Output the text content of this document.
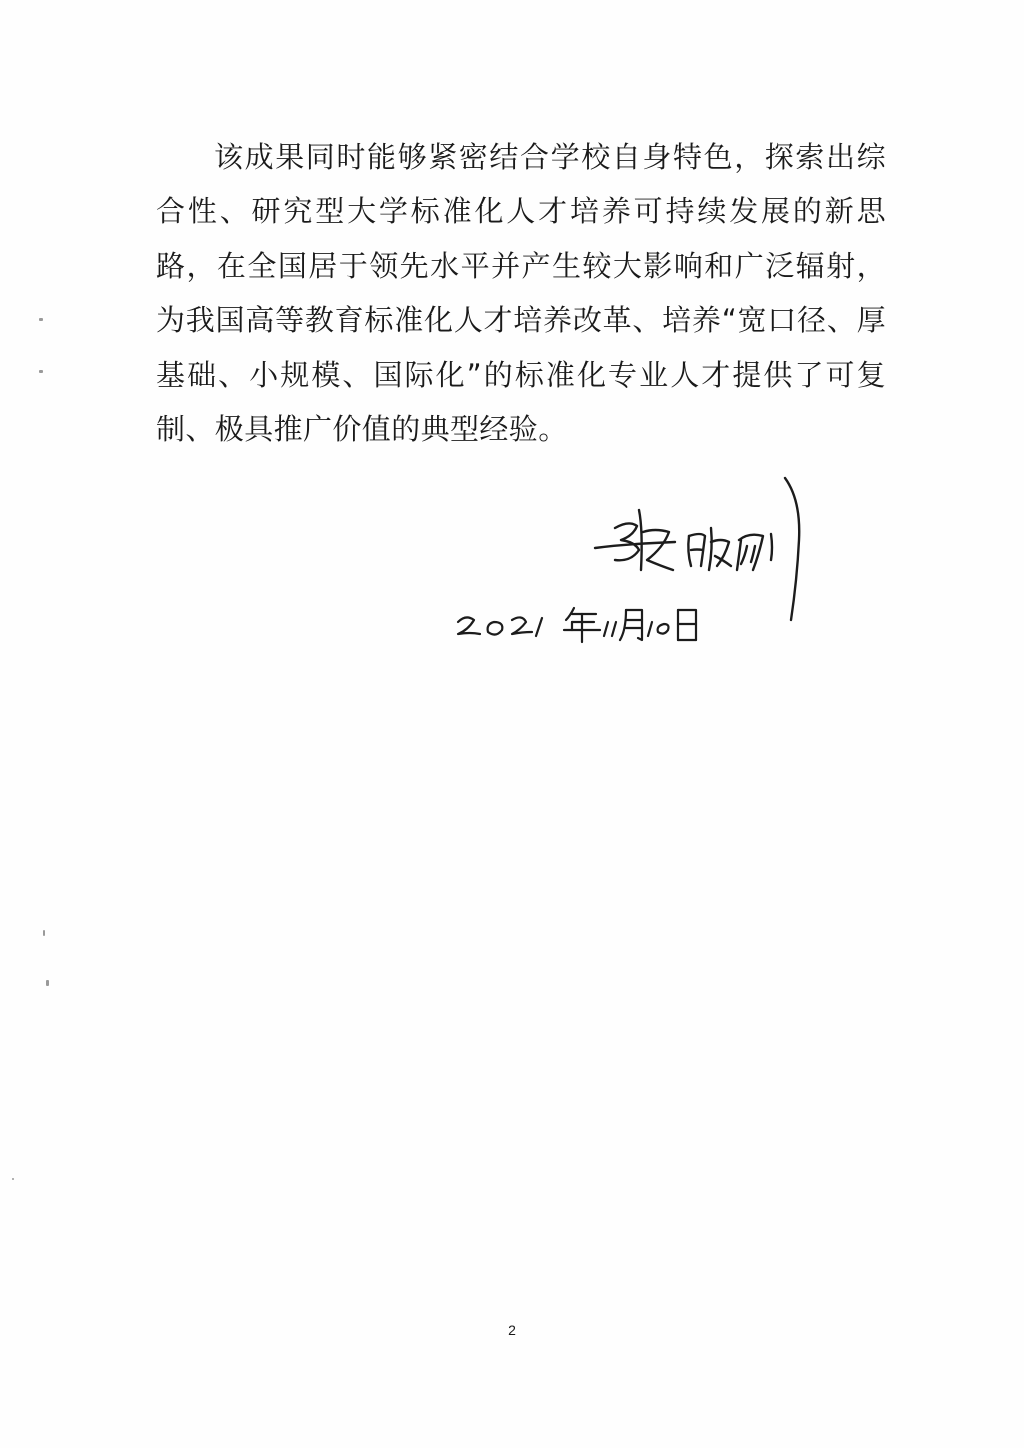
该成果同时能够紧密结合学校自身特色，探索出综合性、研究型大学标准化人才培养可持续发展的新思路，在全国居于领先水平并产生较大影响和广泛辐射，为我国高等教育标准化人才培养改革、培养“宽口径、厚基础、小规模、国际化”的标准化专业人才提供了可复制、极具推广价值的典型经验。

2
